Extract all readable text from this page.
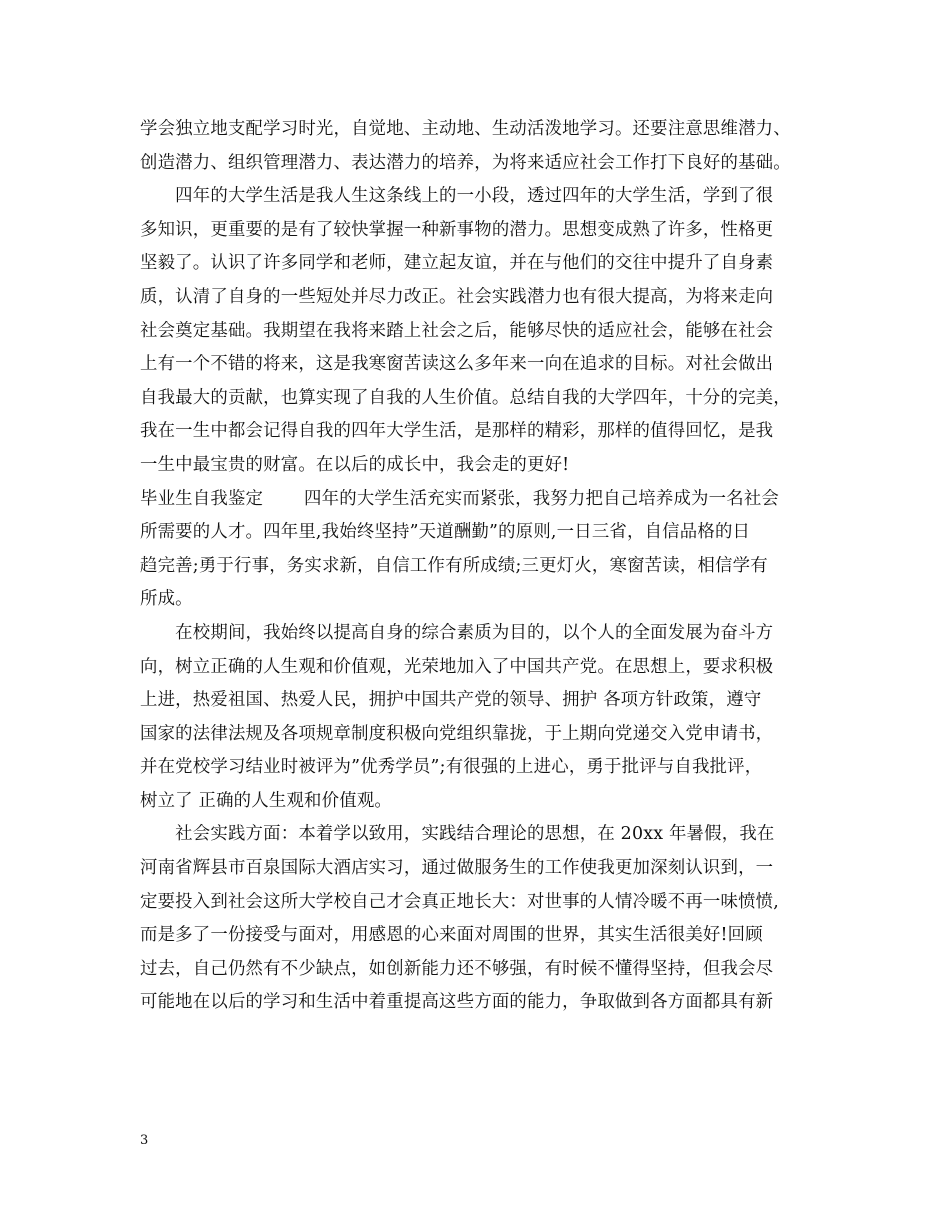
学会独立地支配学习时光，自觉地、主动地、生动活泼地学习。还要注意思维潜力、
创造潜力、组织管理潜力、表达潜力的培养，为将来适应社会工作打下良好的基础。
　　四年的大学生活是我人生这条线上的一小段，透过四年的大学生活，学到了很
多知识，更重要的是有了较快掌握一种新事物的潜力。思想变成熟了许多，性格更
坚毅了。认识了许多同学和老师，建立起友谊，并在与他们的交往中提升了自身素
质，认清了自身的一些短处并尽力改正。社会实践潜力也有很大提高，为将来走向
社会奠定基础。我期望在我将来踏上社会之后，能够尽快的适应社会，能够在社会
上有一个不错的将来，这是我寒窗苦读这么多年来一向在追求的目标。对社会做出
自我最大的贡献，也算实现了自我的人生价值。总结自我的大学四年，十分的完美，
我在一生中都会记得自我的四年大学生活，是那样的精彩，那样的值得回忆，是我
一生中最宝贵的财富。在以后的成长中，我会走的更好!
毕业生自我鉴定　　 四年的大学生活充实而紧张，我努力把自己培养成为一名社会
所需要的人才。四年里,我始终坚持”天道酬勤”的原则,一日三省，自信品格的日
趋完善;勇于行事，务实求新，自信工作有所成绩;三更灯火，寒窗苦读，相信学有
所成。
　　在校期间，我始终以提高自身的综合素质为目的，以个人的全面发展为奋斗方
向，树立正确的人生观和价值观，光荣地加入了中国共产党。在思想上，要求积极
上进，热爱祖国、热爱人民，拥护中国共产党的领导、拥护 各项方针政策，遵守
国家的法律法规及各项规章制度积极向党组织靠拢，于上期向党递交入党申请书，
并在党校学习结业时被评为”优秀学员”;有很强的上进心，勇于批评与自我批评，
树立了 正确的人生观和价值观。
　　社会实践方面：本着学以致用，实践结合理论的思想，在 20xx 年暑假，我在
河南省辉县市百泉国际大酒店实习，通过做服务生的工作使我更加深刻认识到，一
定要投入到社会这所大学校自己才会真正地长大：对世事的人情冷暖不再一味愤愤,
而是多了一份接受与面对，用感恩的心来面对周围的世界，其实生活很美好!回顾
过去，自己仍然有不少缺点，如创新能力还不够强，有时候不懂得坚持，但我会尽
可能地在以后的学习和生活中着重提高这些方面的能力，争取做到各方面都具有新
3
